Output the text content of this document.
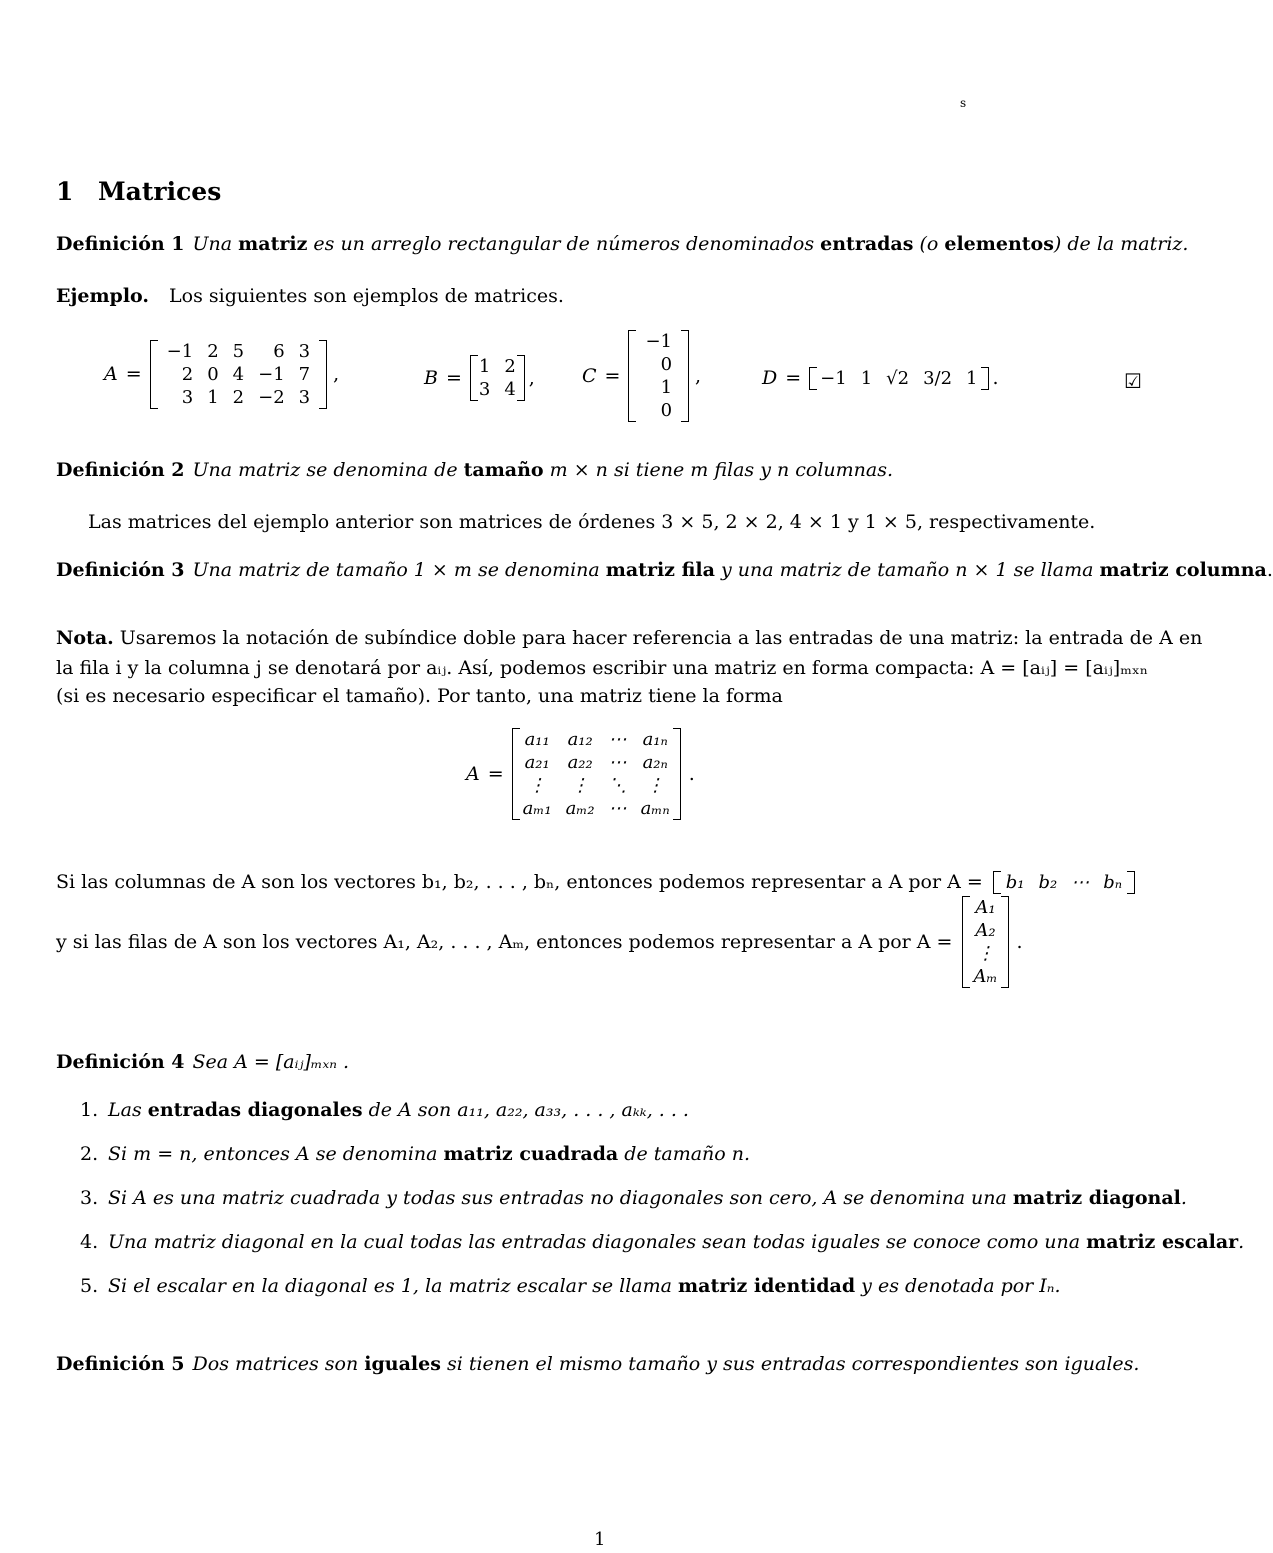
s
1 Matrices
Definición 1 Una matriz es un arreglo rectangular de números denominados entradas (o elementos) de la matriz.
Ejemplo. Los siguientes son ejemplos de matrices.
A =
−1	2	5	6	3
2	0	4	−1	7
3	1	2	−2	3
,	B =
1	2
3	4
, C =
−1
0
1
0
,	D = −1	1	√2	3/2	1 .	☑
Definición 2 Una matriz se denomina de tamaño m × n si tiene m filas y n columnas.
Las matrices del ejemplo anterior son matrices de órdenes 3 × 5, 2 × 2, 4 × 1 y 1 × 5, respectivamente.
Definición 3 Una matriz de tamaño 1 × m se denomina matriz fila y una matriz de tamaño n × 1 se llama matriz columna.
Nota. Usaremos la notación de subíndice doble para hacer referencia a las entradas de una matriz: la entrada de A en
la fila i y la columna j se denotará por aᵢⱼ. Así, podemos escribir una matriz en forma compacta: A = [aᵢⱼ] = [aᵢⱼ]ₘₓₙ
(si es necesario especificar el tamaño). Por tanto, una matriz tiene la forma
A =
a₁₁	a₁₂	⋯	a₁ₙ
a₂₁	a₂₂	⋯	a₂ₙ
⋮	⋮	⋱	⋮
aₘ₁	aₘ₂	⋯	aₘₙ
.
Si las columnas de A son los vectores b₁, b₂, . . . , bₙ, entonces podemos representar a A por A = b₁	b₂	⋯	bₙ
y si las filas de A son los vectores A₁, A₂, . . . , Aₘ, entonces podemos representar a A por A =
A₁
A₂
⋮
Aₘ
.
Definición 4 Sea A = [aᵢⱼ]ₘₓₙ .
1. Las entradas diagonales de A son a₁₁, a₂₂, a₃₃, . . . , aₖₖ, . . .
2. Si m = n, entonces A se denomina matriz cuadrada de tamaño n.
3. Si A es una matriz cuadrada y todas sus entradas no diagonales son cero, A se denomina una matriz diagonal.
4. Una matriz diagonal en la cual todas las entradas diagonales sean todas iguales se conoce como una matriz escalar.
5. Si el escalar en la diagonal es 1, la matriz escalar se llama matriz identidad y es denotada por Iₙ.
Definición 5 Dos matrices son iguales si tienen el mismo tamaño y sus entradas correspondientes son iguales.
1
